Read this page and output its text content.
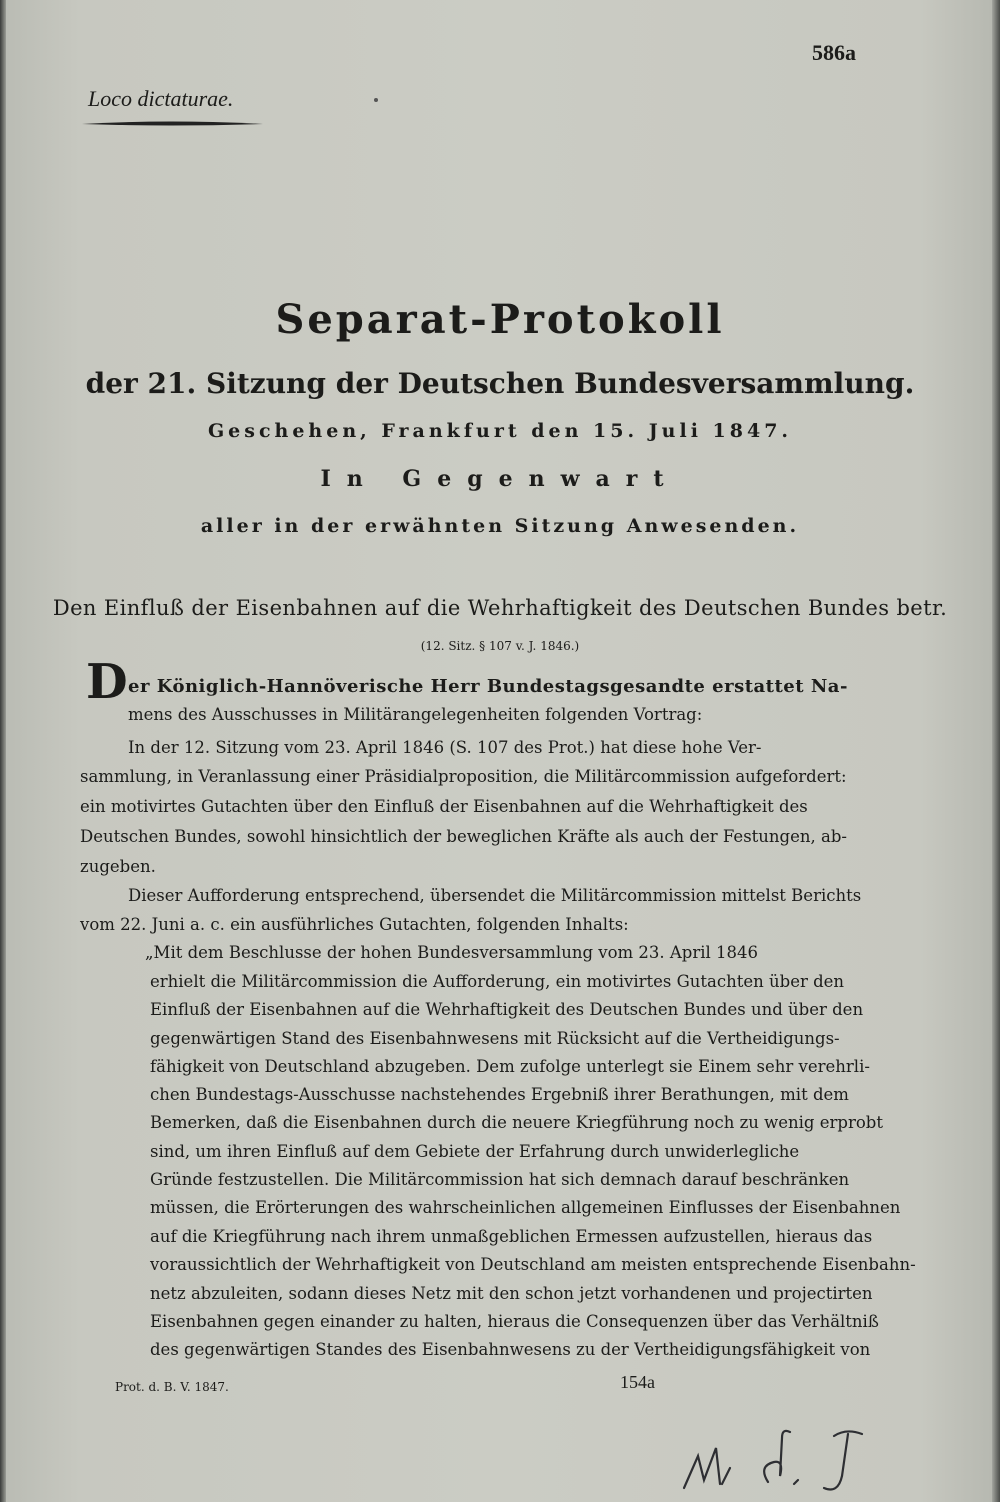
586a
Loco dictaturae.
Separat-Protokoll
der 21. Sitzung der Deutschen Bundesversammlung.
Geschehen, Frankfurt den 15. Juli 1847.
In Gegenwart
aller in der erwähnten Sitzung Anwesenden.
Den Einfluß der Eisenbahnen auf die Wehrhaftigkeit des Deutschen Bundes betr.
(12. Sitz. § 107 v. J. 1846.)
D er Königlich-Hannöverische Herr Bundestagsgesandte erstattet Na-
mens des Ausschusses in Militärangelegenheiten folgenden Vortrag:
In der 12. Sitzung vom 23. April 1846 (S. 107 des Prot.) hat diese hohe Ver-
sammlung, in Veranlassung einer Präsidialproposition, die Militärcommission aufgefordert:
ein motivirtes Gutachten über den Einfluß der Eisenbahnen auf die Wehrhaftigkeit des
Deutschen Bundes, sowohl hinsichtlich der beweglichen Kräfte als auch der Festungen, ab-
zugeben.
Dieser Aufforderung entsprechend, übersendet die Militärcommission mittelst Berichts
vom 22. Juni a. c. ein ausführliches Gutachten, folgenden Inhalts:
„Mit dem Beschlusse der hohen Bundesversammlung vom 23. April 1846
erhielt die Militärcommission die Aufforderung, ein motivirtes Gutachten über den
Einfluß der Eisenbahnen auf die Wehrhaftigkeit des Deutschen Bundes und über den
gegenwärtigen Stand des Eisenbahnwesens mit Rücksicht auf die Vertheidigungs-
fähigkeit von Deutschland abzugeben. Dem zufolge unterlegt sie Einem sehr verehrli-
chen Bundestags-Ausschusse nachstehendes Ergebniß ihrer Berathungen, mit dem
Bemerken, daß die Eisenbahnen durch die neuere Kriegführung noch zu wenig erprobt
sind, um ihren Einfluß auf dem Gebiete der Erfahrung durch unwiderlegliche
Gründe festzustellen. Die Militärcommission hat sich demnach darauf beschränken
müssen, die Erörterungen des wahrscheinlichen allgemeinen Einflusses der Eisenbahnen
auf die Kriegführung nach ihrem unmaßgeblichen Ermessen aufzustellen, hieraus das
voraussichtlich der Wehrhaftigkeit von Deutschland am meisten entsprechende Eisenbahn-
netz abzuleiten, sodann dieses Netz mit den schon jetzt vorhandenen und projectirten
Eisenbahnen gegen einander zu halten, hieraus die Consequenzen über das Verhältniß
des gegenwärtigen Standes des Eisenbahnwesens zu der Vertheidigungsfähigkeit von
Prot. d. B. V. 1847.	154a
